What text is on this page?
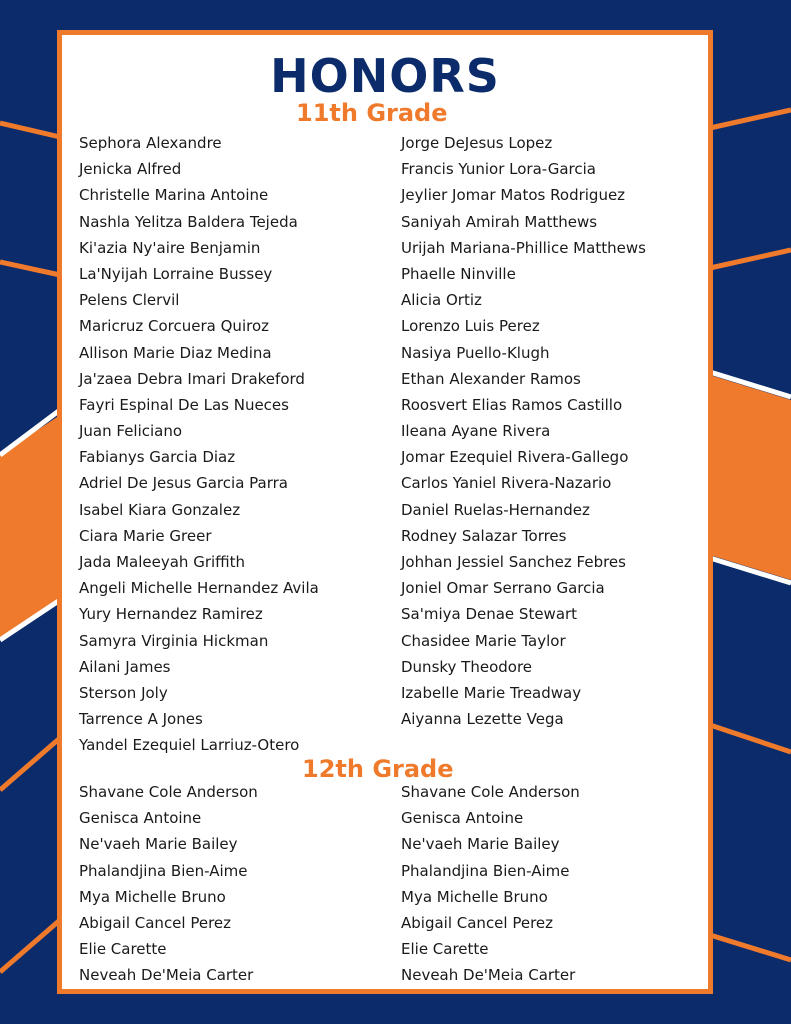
HONORS
11th Grade
Sephora Alexandre
Jenicka Alfred
Christelle Marina Antoine
Nashla Yelitza Baldera Tejeda
Ki'azia Ny'aire Benjamin
La'Nyijah Lorraine Bussey
Pelens Clervil
Maricruz Corcuera Quiroz
Allison Marie Diaz Medina
Ja'zaea Debra Imari Drakeford
Fayri Espinal De Las Nueces
Juan Feliciano
Fabianys Garcia Diaz
Adriel De Jesus Garcia Parra
Isabel Kiara Gonzalez
Ciara Marie Greer
Jada Maleeyah Griffith
Angeli Michelle Hernandez Avila
Yury Hernandez Ramirez
Samyra Virginia Hickman
Ailani James
Sterson Joly
Tarrence A Jones
Yandel Ezequiel Larriuz-Otero
Jorge DeJesus Lopez
Francis Yunior Lora-Garcia
Jeylier Jomar Matos Rodriguez
Saniyah Amirah Matthews
Urijah Mariana-Phillice Matthews
Phaelle Ninville
Alicia Ortiz
Lorenzo Luis Perez
Nasiya Puello-Klugh
Ethan Alexander Ramos
Roosvert Elias Ramos Castillo
Ileana Ayane Rivera
Jomar Ezequiel Rivera-Gallego
Carlos Yaniel Rivera-Nazario
Daniel Ruelas-Hernandez
Rodney Salazar Torres
Johhan Jessiel Sanchez Febres
Joniel Omar Serrano Garcia
Sa'miya Denae Stewart
Chasidee Marie Taylor
Dunsky Theodore
Izabelle Marie Treadway
Aiyanna Lezette Vega
12th Grade
Shavane Cole Anderson
Genisca Antoine
Ne'vaeh Marie Bailey
Phalandjina Bien-Aime
Mya Michelle Bruno
Abigail Cancel Perez
Elie Carette
Neveah De'Meia Carter
Shavane Cole Anderson
Genisca Antoine
Ne'vaeh Marie Bailey
Phalandjina Bien-Aime
Mya Michelle Bruno
Abigail Cancel Perez
Elie Carette
Neveah De'Meia Carter
